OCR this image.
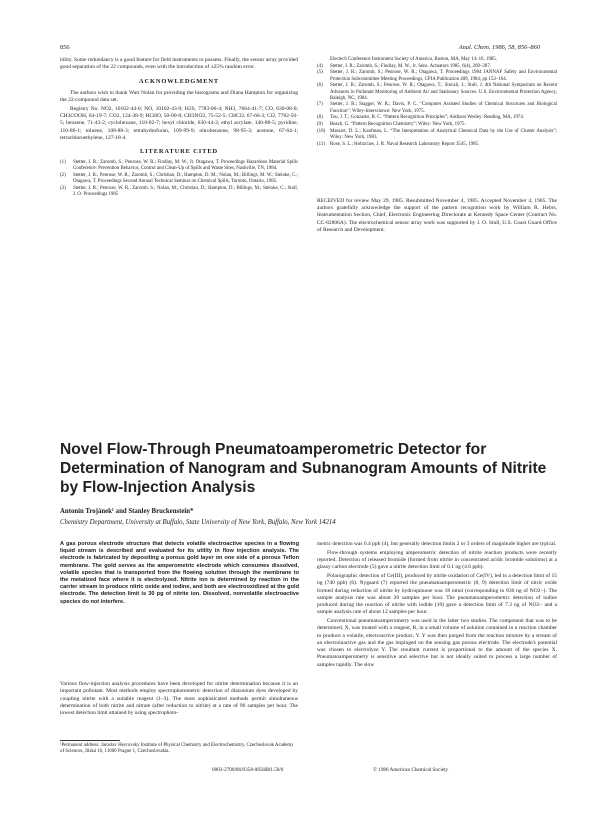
856	Anal. Chem. 1986, 58, 856–860

bility. Some redundancy is a good feature for field instruments to possess. Finally, the sensor array provided good separation of the 22 compounds, even with the introduction of ±25% random error.

ACKNOWLEDGMENT

The authors wish to thank Wart Nolan for providing the histograms and Diana Hampton for organizing the 22-compound data set.

Registry No. NO2, 10102-44-0; NO, 10102-43-9; H2S, 7783-06-4; NH3, 7664-41-7; CO, 630-08-0; CH3COOH, 64-19-7; CO2, 124-38-9; HCHO, 50-00-0; CH3NO2, 75-52-5; CHCl3, 67-66-3; Cl2, 7782-50-5; benzene, 71-43-2; cyclohexane, 110-82-7; hexyl chloride, 630-44-2; ethyl acrylate, 140-88-5; pyridine, 110-86-1; toluene, 108-88-3; tetrahydrofuran, 109-99-9; nitrobenzene, 98-95-3; acetone, 67-64-1; tetrachloroethylene, 127-18-4.

LITERATURE CITED
(1) Stetter, J. R.; Zaromb, S.; Penrose, W. R.; Findlay, M. W., Jr. Otagawa, T. Proceedings Hazardous Material Spills Conference: Prevention Behavior, Control and Clean-Up of Spills and Waste Sites, Nashville, TN, 1984.
(2) Stetter, J. R.; Penrose, W. R.; Zaromb, S.; Christian, D.; Hampton, D. M.; Nolan, M.; Billings, M. W.; Steinke, C.; Otagawa, T. Proceedings Second Annual Technical Seminar on Chemical Spills, Toronto, Ontario, 1985.
(3) Stetter, J. R.; Penrose, W. R.; Zaromb, S.; Nolan, M.; Christian, D.; Hampton, D.; Billings, M.; Steinke, C.; Stull, J. O. Proceedings 1985
Electech Conference Instrument Society of America, Boston, MA, May 14–16, 1985.
(4) Stetter, J. R.; Zaromb, S.; Findlay, M. W., Jr. Sens. Actuators 1985, 6(4), 269–287.
(5) Stetter, J. R.; Zaromb, S.; Penrose, W. R.; Otagawa, T. Proceedings 1984 JANNAF Safety and Environmental Protection Subcommittee Meeting Proceedings, CPIA Publication 409, 1984; pp 153–164.
(6) Stetter, J. R.; Zaromb, S.; Penrose, W. R.; Otagawa, T.; Sincali, J.; Stull, J. 4th National Symposium on Recent Advances in Pollutant Monitoring of Ambient Air and Stationary Sources. U.S. Environmental Protection Agency, Raleigh, NC, 1984.
(7) Stetter, J. R.; Stagger, W. R.; Davis, P. C. “Computer Assisted Studies of Chemical Structures and Biological Function”; Wiley-Interscience: New York, 1975.
(8) Tou, J. T.; Gonzalez, R. C. “Pattern Recognition Principles”; Addison Wesley: Reading, MA, 1974.
(9) Beach, G. “Pattern Recognition Chemistry”; Wiley: New York, 1975.
(10) Massart, D. L.; Kaufman, L. “The Interpretation of Analytical Chemical Data by the Use of Cluster Analysis”; Wiley: New York, 1983.
(11) Rose, S. L.; Holtzclaw, J. R. Naval Research Laboratory Report 3545, 1985.

RECEIVED for review May 29, 1985. Resubmitted November 4, 1985. Accepted November 4, 1985. The authors gratefully acknowledge the support of the pattern recognition work by William R. Hebrs, Instrumentation Section, Chief, Electronic Engineering Directorate at Kennedy Space Center (Contract No. CC-82806A). The electrochemical sensor array work was supported by J. O. Stull, U.S. Coast Guard Office of Research and Development.

Novel Flow-Through Pneumatoamperometric Detector for Determination of Nanogram and Subnanogram Amounts of Nitrite by Flow-Injection Analysis
Antonín Trojánek¹ and Stanley Bruckenstein*
Chemistry Department, University at Buffalo, State University of New York, Buffalo, New York 14214
A gas porous electrode structure that detects volatile electroactive species in a flowing liquid stream is described and evaluated for its utility in flow injection analysis. The electrode is fabricated by depositing a porous gold layer on one side of a porous Teflon membrane. The gold serves as the amperometric electrode which consumes dissolved, volatile species that is transported from the flowing solution through the membrane to the metalized face where it is electrolyzed. Nitrite ion is determined by reaction in the carrier stream to produce nitric oxide and iodine, and both are electrooxidized at the gold electrode. The detection limit is 30 pg of nitrite ion. Dissolved, nonvolatile electroactive species do not interfere.
Various flow-injection analysis procedures have been developed for nitrite determination because it is an important pollutant. Most methods employ spectrophotometric detection of diazonium dyes developed by coupling nitrite with a suitable reagent (1–3). The most sophisticated methods permit simultaneous determination of both nitrite and nitrate (after reduction to nitrite) at a rate of 90 samples per hour. The lowest detection limit attained by using spectrophoto-
¹Permanent address: Jaroslav Heyrovsky Institute of Physical Chemistry and Electrochemistry, Czechoslovak Academy of Sciences, Jilská 16, 11000 Prague 1, Czechoslovakia.

metric detection was 0.4 ppb (4), but generally detection limits 2 or 3 orders of magnitude higher are typical.

Flow-through systems employing amperometric detection of nitrite reaction products were recently reported. Detection of released bromide (formed from nitrite in concentrated acidic bromide solutions) at a glassy carbon electrode (5) gave a nitrite detection limit of 0.1 ng (4.6 ppb).

Polarographic detection of Ce(III), produced by nitrite oxidation of Ce(IV), led to a detection limit of 15 ng (740 ppb) (6). Nygaard (7) reported the pneumatoamperometric (8, 9) detection limit of nitric oxide formed during reduction of nitrite by hydroquinone was 18 nmol (corresponding to 830 ng of NO2−). The sample analysis rate was about 20 samples per hour. The pneumatoamperometric detection of iodine produced during the reaction of nitrite with iodide (10) gave a detection limit of 7.3 ng of NO2− and a sample analysis rate of about 12 samples per hour.

Conventional pneumatoamperometry was used in the latter two studies. The component that was to be determined, X, was treated with a reagent, R, in a small volume of solution contained in a reaction chamber to produce a volatile, electroactive product, Y. Y was then purged from the reaction mixture by a stream of an electroinactive gas and the gas impinged on the sensing gas porous electrode. The electrode's potential was chosen to electrolyze Y. The resultant current is proportional to the amount of the species X. Pneumatoamperometry is sensitive and selective but is not ideally suited to process a large number of samples rapidly. The slow

0003-2700/86/0358-0856$01.50/0	© 1986 American Chemical Society
